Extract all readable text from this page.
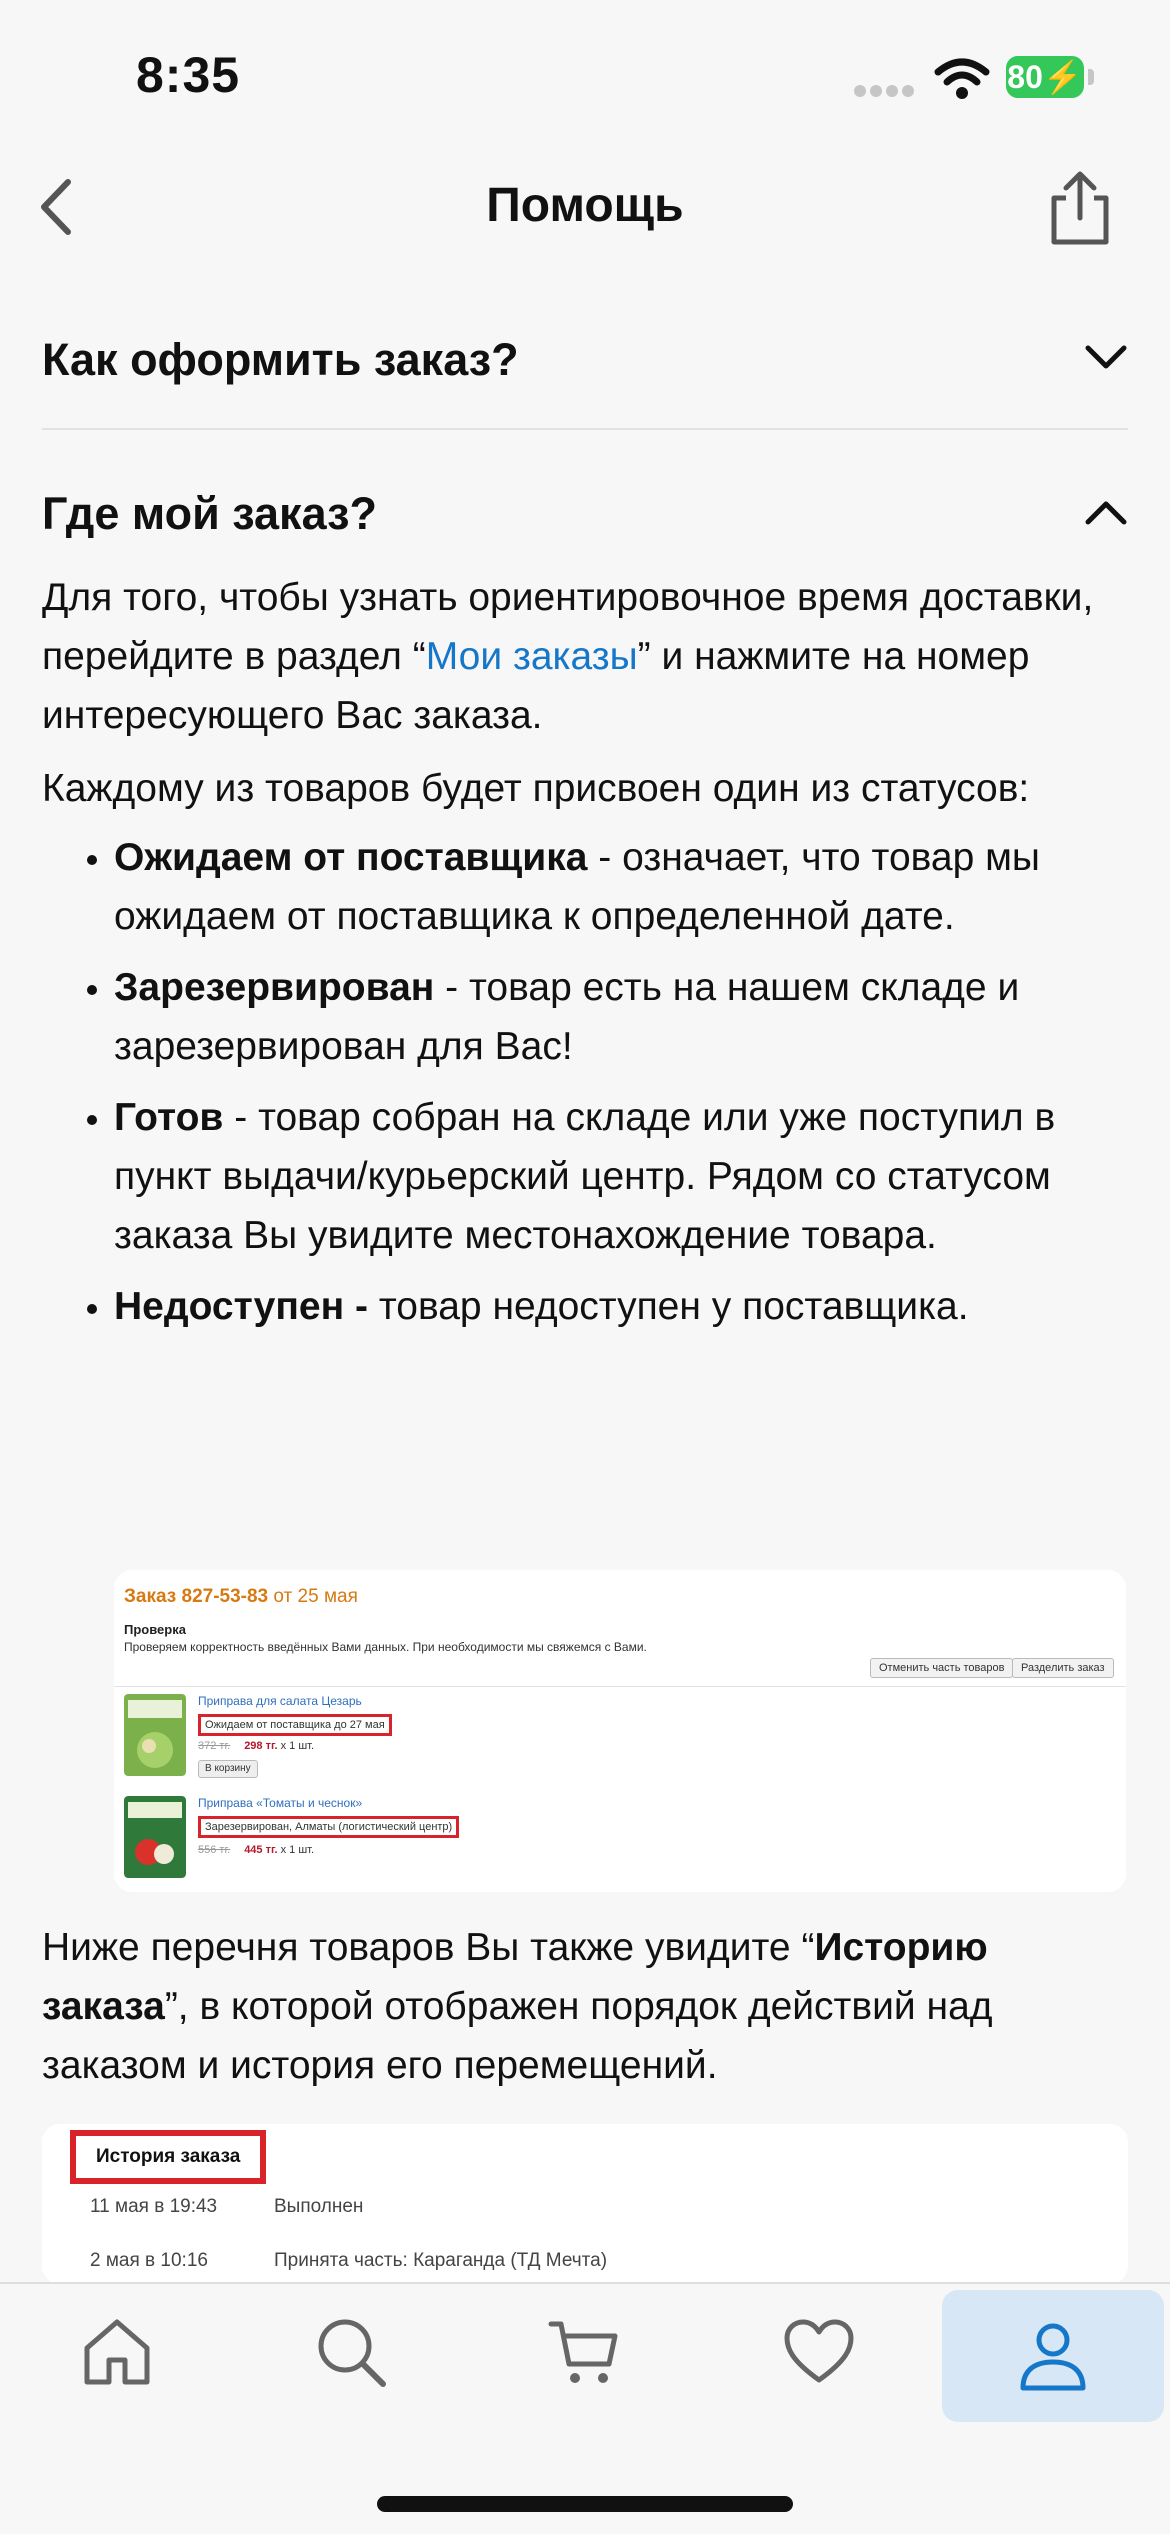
8:35	80 ⚡
Помощь
Как оформить заказ?
Где мой заказ?

Для того, чтобы узнать ориентировочное время доставки, перейдите в раздел “Мои заказы” и нажмите на номер интересующего Вас заказа.

Каждому из товаров будет присвоен один из статусов:

• Ожидаем от поставщика - означает, что товар мы ожидаем от поставщика к определенной дате.
• Зарезервирован - товар есть на нашем складе и зарезервирован для Вас!
• Готов - товар собран на складе или уже поступил в пункт выдачи/курьерский центр. Рядом со статусом заказа Вы увидите местонахождение товара.
• Недоступен - товар недоступен у поставщика.
Заказ 827-53-83 от 25 мая
Проверка
Проверяем корректность введённых Вами данных. При необходимости мы свяжемся с Вами.
Отменить часть товаров	Разделить заказ
Приправа для салата Цезарь
Ожидаем от поставщика до 27 мая
372 тг. 298 тг. х 1 шт.
В корзину
Приправа «Томаты и чеснок»
Зарезервирован, Алматы (логистический центр)
556 тг. 445 тг. х 1 шт.

Ниже перечня товаров Вы также увидите “Историю заказа”, в которой отображен порядок действий над заказом и история его перемещений.

История заказа
11 мая в 19:43	Выполнен
2 мая в 10:16	Принята часть: Караганда (ТД Мечта)
